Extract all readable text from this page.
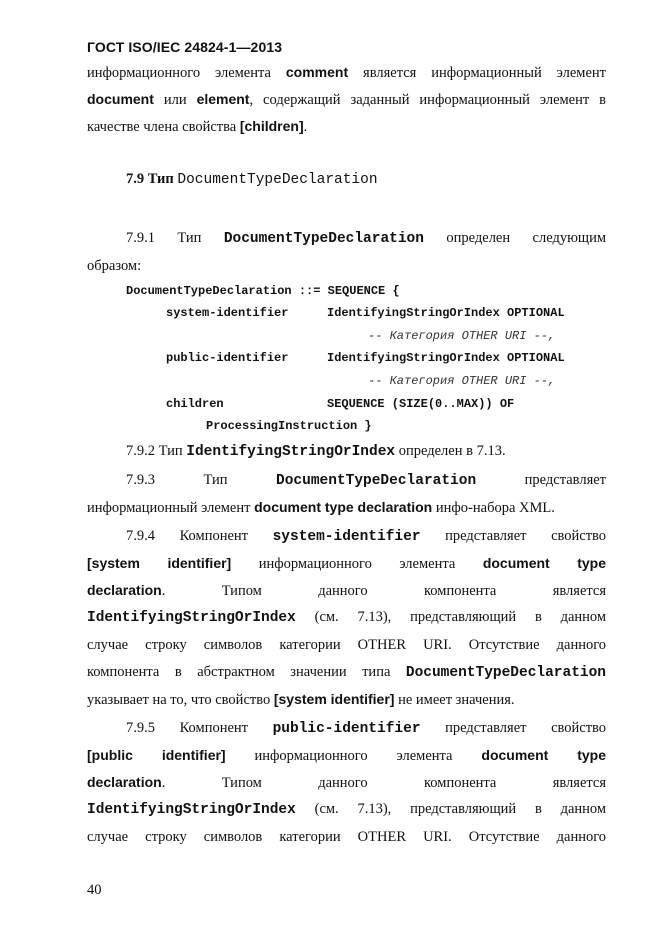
ГОСТ ISO/IEC 24824-1—2013
информационного элемента comment является информационный элемент
document или element, содержащий заданный информационный элемент в
качестве члена свойства [children].
7.9 Тип DocumentTypeDeclaration
7.9.1 Тип DocumentTypeDeclaration определен следующим
образом:
DocumentTypeDeclaration ::= SEQUENCE {
system-identifier	IdentifyingStringOrIndex OPTIONAL
-- Категория OTHER URI --,
public-identifier	IdentifyingStringOrIndex OPTIONAL
-- Категория OTHER URI --,
children	SEQUENCE (SIZE(0..MAX)) OF
ProcessingInstruction }
7.9.2 Тип IdentifyingStringOrIndex определен в 7.13.
7.9.3	Тип	DocumentTypeDeclaration	представляет
информационный элемент document type declaration инфо-набора XML.
7.9.4 Компонент system-identifier представляет свойство
[system identifier] информационного элемента document type
declaration.	Типом	данного	компонента	является
IdentifyingStringOrIndex (см. 7.13), представляющий в данном
случае строку символов категории OTHER URI. Отсутствие данного
компонента в абстрактном значении типа DocumentTypeDeclaration
указывает на то, что свойство [system identifier] не имеет значения.
7.9.5 Компонент public-identifier представляет свойство
[public identifier] информационного элемента document type
declaration.	Типом	данного	компонента	является
IdentifyingStringOrIndex (см. 7.13), представляющий в данном
случае строку символов категории OTHER URI. Отсутствие данного
40
